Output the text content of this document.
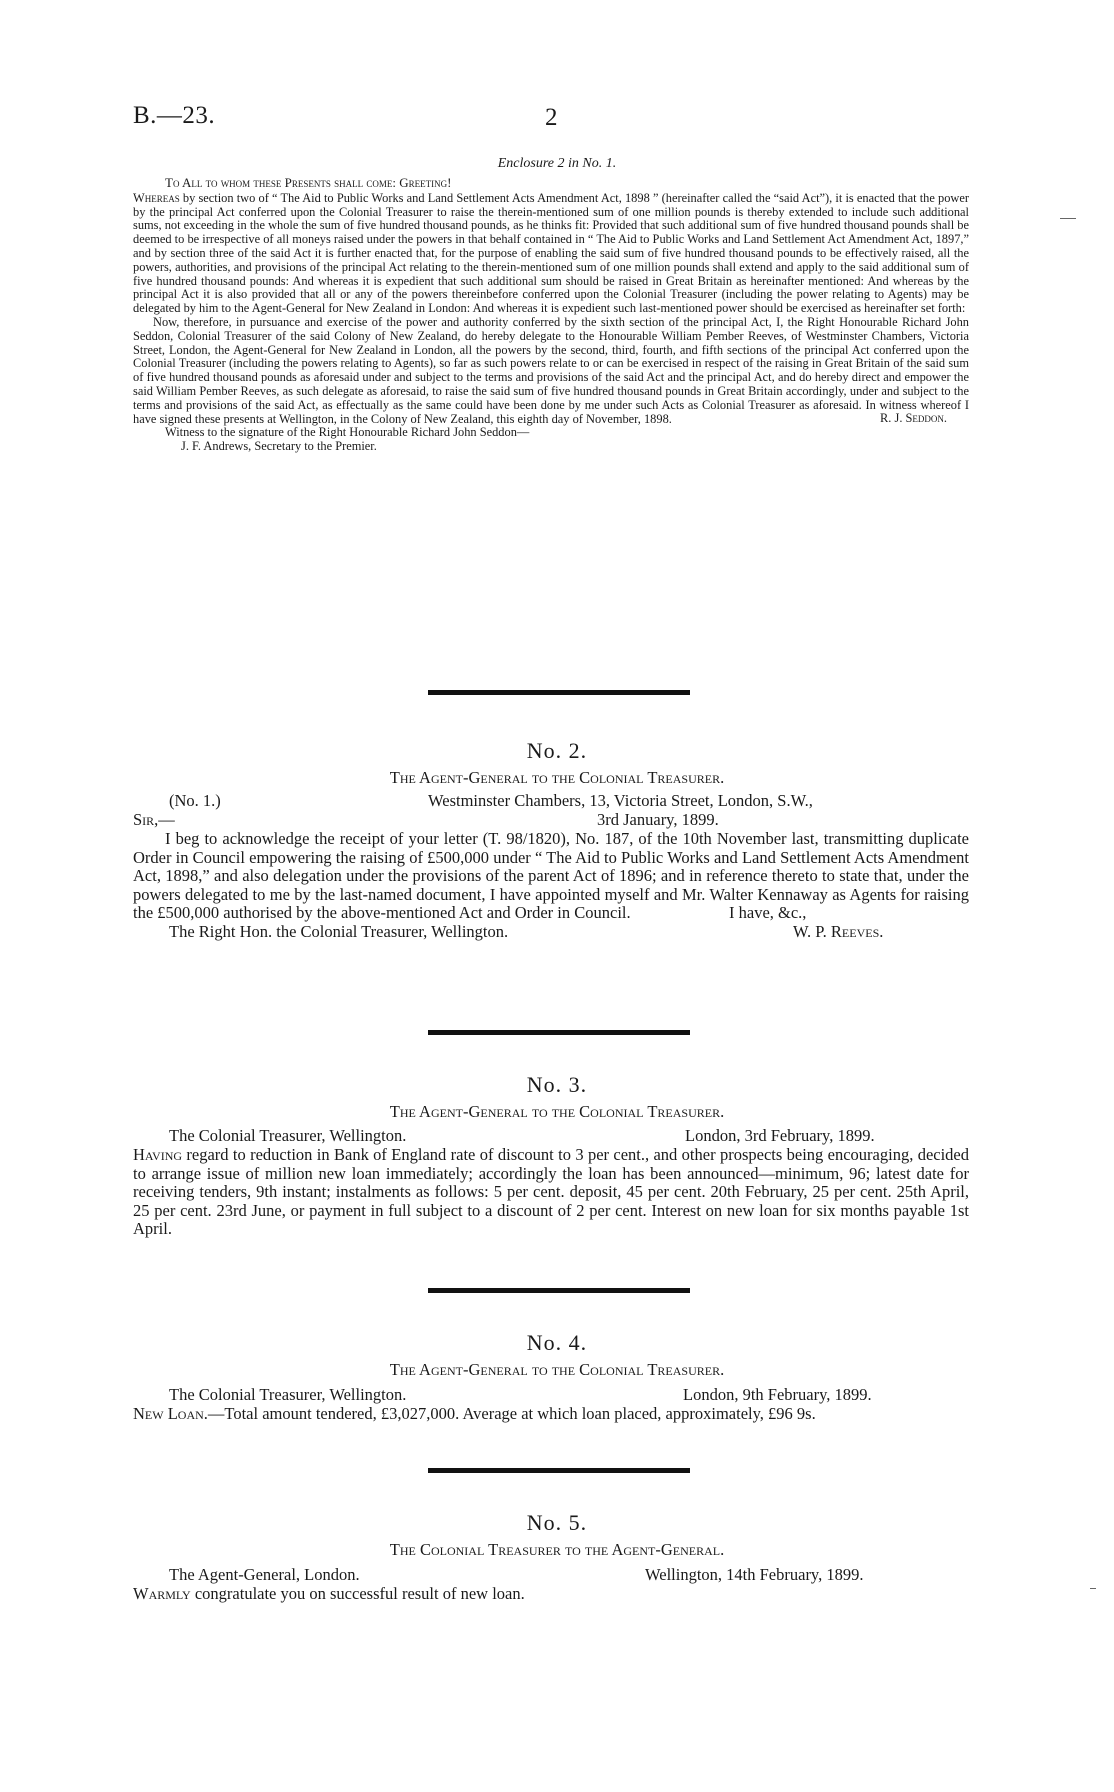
B.—23.	2
Enclosure 2 in No. 1.

To All to whom these Presents shall come: Greeting!

Whereas by section two of “ The Aid to Public Works and Land Settlement Acts Amendment Act, 1898 ” (hereinafter called the “said Act”), it is enacted that the power by the principal Act conferred upon the Colonial Treasurer to raise the therein-mentioned sum of one million pounds is thereby extended to include such additional sums, not exceeding in the whole the sum of five hundred thousand pounds, as he thinks fit: Provided that such additional sum of five hundred thousand pounds shall be deemed to be irrespective of all moneys raised under the powers in that behalf contained in “ The Aid to Public Works and Land Settlement Act Amendment Act, 1897,” and by section three of the said Act it is further enacted that, for the purpose of enabling the said sum of five hundred thousand pounds to be effectively raised, all the powers, authorities, and provisions of the principal Act relating to the therein-mentioned sum of one million pounds shall extend and apply to the said additional sum of five hundred thousand pounds: And whereas it is expedient that such additional sum should be raised in Great Britain as hereinafter mentioned: And whereas by the principal Act it is also provided that all or any of the powers thereinbefore conferred upon the Colonial Treasurer (including the power relating to Agents) may be delegated by him to the Agent-General for New Zealand in London: And whereas it is expedient such last-mentioned power should be exercised as hereinafter set forth:

Now, therefore, in pursuance and exercise of the power and authority conferred by the sixth section of the principal Act, I, the Right Honourable Richard John Seddon, Colonial Treasurer of the said Colony of New Zealand, do hereby delegate to the Honourable William Pember Reeves, of Westminster Chambers, Victoria Street, London, the Agent-General for New Zealand in London, all the powers by the second, third, fourth, and fifth sections of the principal Act conferred upon the Colonial Treasurer (including the powers relating to Agents), so far as such powers relate to or can be exercised in respect of the raising in Great Britain of the said sum of five hundred thousand pounds as aforesaid under and subject to the terms and provisions of the said Act and the principal Act, and do hereby direct and empower the said William Pember Reeves, as such delegate as aforesaid, to raise the said sum of five hundred thousand pounds in Great Britain accordingly, under and subject to the terms and provisions of the said Act, as effectually as the same could have been done by me under such Acts as Colonial Treasurer as aforesaid. In witness whereof I have signed these presents at Wellington, in the Colony of New Zealand, this eighth day of November, 1898.	R. J. Seddon.

Witness to the signature of the Right Honourable Richard John Seddon—

J. F. Andrews, Secretary to the Premier.

No. 2.
The Agent-General to the Colonial Treasurer.
(No. 1.)	Westminster Chambers, 13, Victoria Street, London, S.W.,
Sir,—	3rd January, 1899.

I beg to acknowledge the receipt of your letter (T. 98/1820), No. 187, of the 10th November last, transmitting duplicate Order in Council empowering the raising of £500,000 under “ The Aid to Public Works and Land Settlement Acts Amendment Act, 1898,” and also delegation under the provisions of the parent Act of 1896; and in reference thereto to state that, under the powers delegated to me by the last-named document, I have appointed myself and Mr. Walter Kennaway as Agents for raising the £500,000 authorised by the above-mentioned Act and Order in Council.	I have, &c.,
The Right Hon. the Colonial Treasurer, Wellington.	W. P. Reeves.
No. 3.
The Agent-General to the Colonial Treasurer.
The Colonial Treasurer, Wellington.	London, 3rd February, 1899.

Having regard to reduction in Bank of England rate of discount to 3 per cent., and other prospects being encouraging, decided to arrange issue of million new loan immediately; accordingly the loan has been announced—minimum, 96; latest date for receiving tenders, 9th instant; instalments as follows: 5 per cent. deposit, 45 per cent. 20th February, 25 per cent. 25th April, 25 per cent. 23rd June, or payment in full subject to a discount of 2 per cent. Interest on new loan for six months payable 1st April.

No. 4.
The Agent-General to the Colonial Treasurer.
The Colonial Treasurer, Wellington.	London, 9th February, 1899.

New Loan.—Total amount tendered, £3,027,000. Average at which loan placed, approximately, £96 9s.

No. 5.
The Colonial Treasurer to the Agent-General.
The Agent-General, London.	Wellington, 14th February, 1899.

Warmly congratulate you on successful result of new loan.
